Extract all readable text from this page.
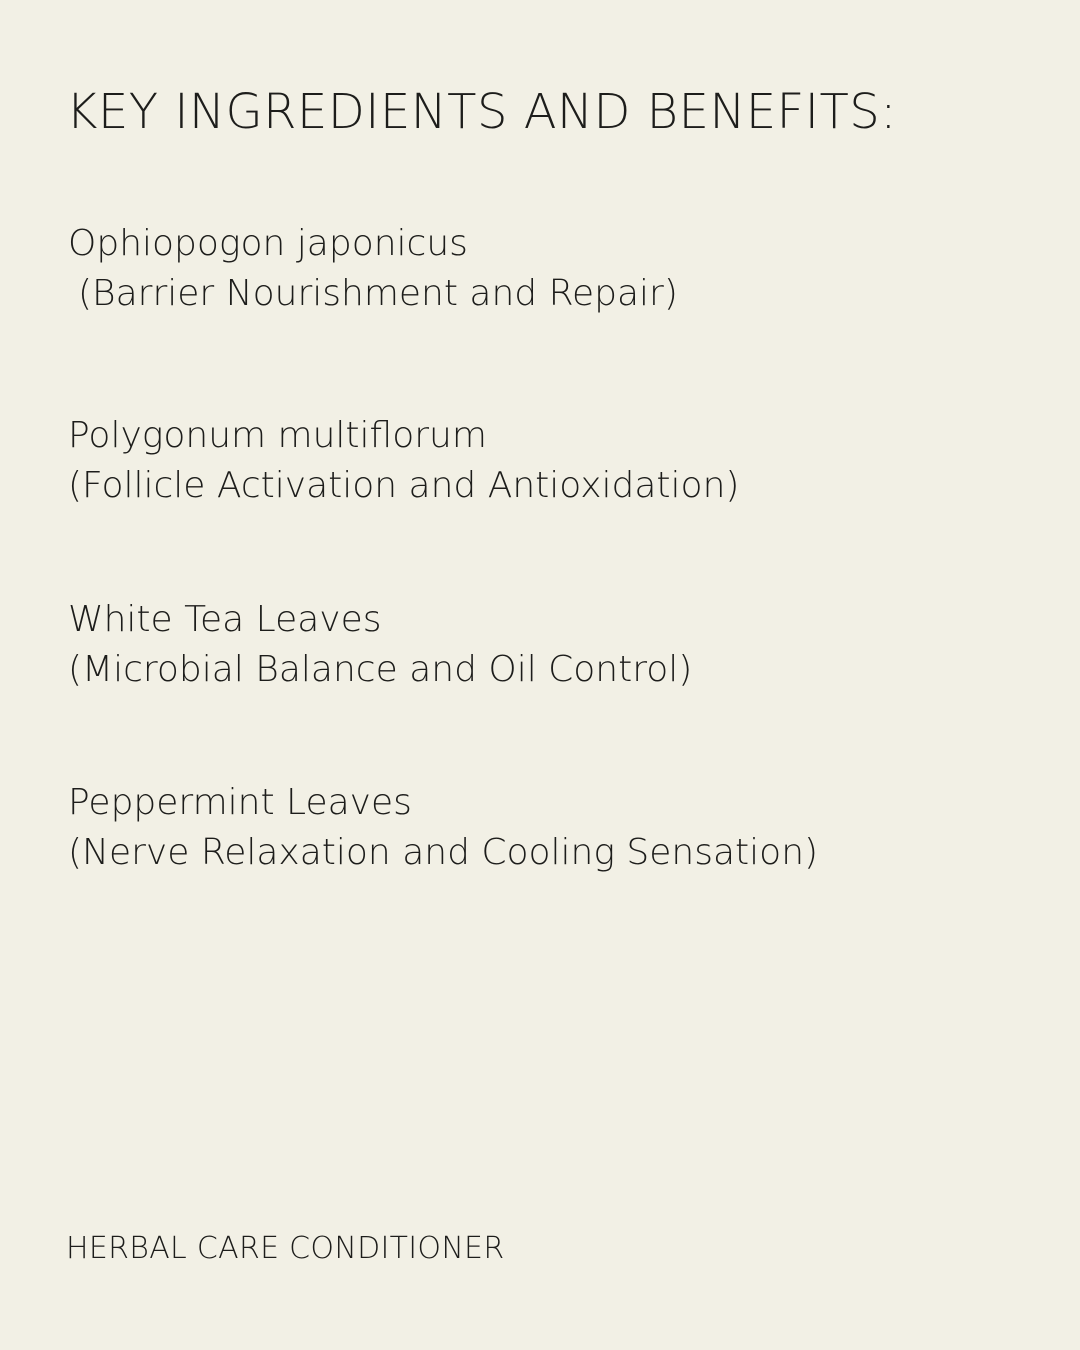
KEY INGREDIENTS AND BENEFITS:
Ophiopogon japonicus
(Barrier Nourishment and Repair)
Polygonum multiflorum
(Follicle Activation and Antioxidation)
White Tea Leaves
(Microbial Balance and Oil Control)
Peppermint Leaves
(Nerve Relaxation and Cooling Sensation)
HERBAL CARE CONDITIONER
